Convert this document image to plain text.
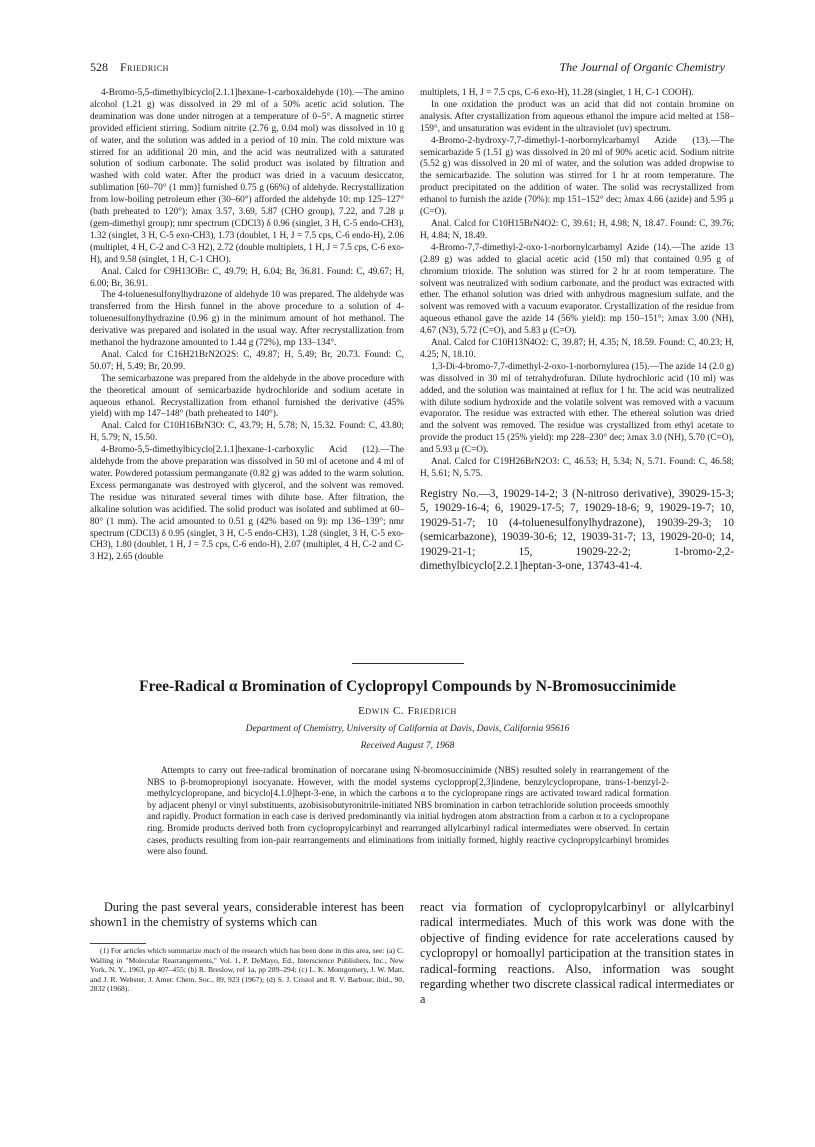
528 Friedrich	The Journal of Organic Chemistry

4-Bromo-5,5-dimethylbicyclo[2.1.1]hexane-1-carboxaldehyde (10).—The amino alcohol (1.21 g) was dissolved in 29 ml of a 50% acetic acid solution. The deamination was done under nitrogen at a temperature of 0–5°. A magnetic stirrer provided efficient stirring. Sodium nitrite (2.76 g, 0.04 mol) was dissolved in 10 g of water, and the solution was added in a period of 10 min. The cold mixture was stirred for an additional 20 min, and the acid was neutralized with a saturated solution of sodium carbonate. The solid product was isolated by filtration and washed with cold water. After the product was dried in a vacuum desiccator, sublimation [60–70° (1 mm)] furnished 0.75 g (66%) of aldehyde. Recrystallization from low-boiling petroleum ether (30–60°) afforded the aldehyde 10: mp 125–127° (bath preheated to 120°); λmax 3.57, 3.69, 5.87 (CHO group), 7.22, and 7.28 μ (gem-dimethyl group); nmr spectrum (CDCl3) δ 0.96 (singlet, 3 H, C-5 endo-CH3), 1.32 (singlet, 3 H, C-5 exo-CH3), 1.73 (doublet, 1 H, J = 7.5 cps, C-6 endo-H), 2.06 (multiplet, 4 H, C-2 and C-3 H2), 2.72 (double multiplets, 1 H, J = 7.5 cps, C-6 exo-H), and 9.58 (singlet, 1 H, C-1 CHO).

Anal. Calcd for C9H13OBr: C, 49.79; H, 6.04; Br, 36.81. Found: C, 49.67; H, 6.00; Br, 36.91.

The 4-toluenesulfonylhydrazone of aldehyde 10 was prepared. The aldehyde was transferred from the Hirsh funnel in the above procedure to a solution of 4-toluenesulfonylhydrazine (0.96 g) in the minimum amount of hot methanol. The derivative was prepared and isolated in the usual way. After recrystallization from methanol the hydrazone amounted to 1.44 g (72%), mp 133–134°.

Anal. Calcd for C16H21BrN2O2S: C, 49.87; H, 5.49; Br, 20.73. Found: C, 50.07; H, 5.49; Br, 20.99.

The semicarbazone was prepared from the aldehyde in the above procedure with the theoretical amount of semicarbazide hydrochloride and sodium acetate in aqueous ethanol. Recrystallization from ethanol furnished the derivative (45% yield) with mp 147–148° (bath preheated to 140°).

Anal. Calcd for C10H16BrN3O: C, 43.79; H, 5.78; N, 15.32. Found: C, 43.80; H, 5.79; N, 15.50.

4-Bromo-5,5-dimethylbicyclo[2.1.1]hexane-1-carboxylic Acid (12).—The aldehyde from the above preparation was dissolved in 50 ml of acetone and 4 ml of water. Powdered potassium permanganate (0.82 g) was added to the warm solution. Excess permanganate was destroyed with glycerol, and the solvent was removed. The residue was triturated several times with dilute base. After filtration, the alkaline solution was acidified. The solid product was isolated and sublimed at 60–80° (1 mm). The acid amounted to 0.51 g (42% based on 9): mp 136–139°; nmr spectrum (CDCl3) δ 0.95 (singlet, 3 H, C-5 endo-CH3), 1.28 (singlet, 3 H, C-5 exo-CH3), 1.80 (doublet, 1 H, J = 7.5 cps, C-6 endo-H), 2.07 (multiplet, 4 H, C-2 and C-3 H2), 2.65 (double

multiplets, 1 H, J = 7.5 cps, C-6 exo-H), 11.28 (singlet, 1 H, C-1 COOH).

In one oxidation the product was an acid that did not contain bromine on analysis. After crystallization from aqueous ethanol the impure acid melted at 158–159°, and unsaturation was evident in the ultraviolet (uv) spectrum.

4-Bromo-2-hydroxy-7,7-dimethyl-1-norbornylcarbamyl Azide (13).—The semicarbazide 5 (1.51 g) was dissolved in 20 ml of 90% acetic acid. Sodium nitrite (5.52 g) was dissolved in 20 ml of water, and the solution was added dropwise to the semicarbazide. The solution was stirred for 1 hr at room temperature. The product precipitated on the addition of water. The solid was recrystallized from ethanol to furnish the azide (70%): mp 151–152° dec; λmax 4.66 (azide) and 5.95 μ (C=O).

Anal. Calcd for C10H15BrN4O2: C, 39.61; H, 4.98; N, 18.47. Found: C, 39.76; H, 4.84; N, 18.49.

4-Bromo-7,7-dimethyl-2-oxo-1-norbornylcarbamyl Azide (14).—The azide 13 (2.89 g) was added to glacial acetic acid (150 ml) that contained 0.95 g of chromium trioxide. The solution was stirred for 2 hr at room temperature. The solvent was neutralized with sodium carbonate, and the product was extracted with ether. The ethanol solution was dried with anhydrous magnesium sulfate, and the solvent was removed with a vacuum evaporator. Crystallization of the residue from aqueous ethanol gave the azide 14 (56% yield): mp 150–151°; λmax 3.00 (NH), 4.67 (N3), 5.72 (C=O), and 5.83 μ (C=O).

Anal. Calcd for C10H13N4O2: C, 39.87; H, 4.35; N, 18.59. Found: C, 40.23; H, 4.25; N, 18.10.

1,3-Di-4-bromo-7,7-dimethyl-2-oxo-1-norbornylurea (15).—The azide 14 (2.0 g) was dissolved in 30 ml of tetrahydrofuran. Dilute hydrochloric acid (10 ml) was added, and the solution was maintained at reflux for 1 hr. The acid was neutralized with dilute sodium hydroxide and the volatile solvent was removed with a vacuum evaporator. The residue was extracted with ether. The ethereal solution was dried and the solvent was removed. The residue was crystallized from ethyl acetate to provide the product 15 (25% yield): mp 228–230° dec; λmax 3.0 (NH), 5.70 (C=O), and 5.93 μ (C=O).

Anal. Calcd for C19H26BrN2O3: C, 46.53; H, 5.34; N, 5.71. Found: C, 46.58; H, 5.61; N, 5.75.

Registry No.—3, 19029-14-2; 3 (N-nitroso derivative), 39029-15-3; 5, 19029-16-4; 6, 19029-17-5; 7, 19029-18-6; 9, 19029-19-7; 10, 19029-51-7; 10 (4-toluenesulfonylhydrazone), 19039-29-3; 10 (semicarbazone), 19039-30-6; 12, 19039-31-7; 13, 19029-20-0; 14, 19029-21-1; 15, 19029-22-2; 1-bromo-2,2-dimethylbicyclo[2.2.1]heptan-3-one, 13743-41-4.

Free-Radical α Bromination of Cyclopropyl Compounds by N-Bromosuccinimide
Edwin C. Friedrich
Department of Chemistry, University of California at Davis, Davis, California 95616
Received August 7, 1968
Attempts to carry out free-radical bromination of norcarane using N-bromosuccinimide (NBS) resulted solely in rearrangement of the NBS to β-bromopropionyl isocyanate. However, with the model systems cyclopprop[2,3]indene, benzylcyclopropane, trans-1-benzyl-2-methylcyclopropane, and bicyclo[4.1.0]hept-3-ene, in which the carbons α to the cyclopropane rings are activated toward radical formation by adjacent phenyl or vinyl substituents, azobisisobutyronitrile-initiated NBS bromination in carbon tetrachloride solution proceeds smoothly and rapidly. Product formation in each case is derived predominantly via initial hydrogen atom abstraction from a carbon α to a cyclopropane ring. Bromide products derived both from cyclopropylcarbinyl and rearranged allylcarbinyl radical intermediates were observed. In certain cases, products resulting from ion-pair rearrangements and eliminations from initially formed, highly reactive cyclopropylcarbinyl bromides were also found.

During the past several years, considerable interest has been shown1 in the chemistry of systems which can

(1) For articles which summarize much of the research which has been done in this area, see: (a) C. Walling in "Molecular Rearrangements," Vol. 1, P. DeMayo, Ed., Interscience Publishers, Inc., New York, N. Y., 1963, pp 407–455; (b) R. Breslow, ref 1a, pp 289–294; (c) L. K. Montgomery, J. W. Matt, and J. R. Webster, J. Amer. Chem. Soc., 89, 923 (1967); (d) S. J. Cristol and R. V. Barbour, ibid., 90, 2832 (1968).

react via formation of cyclopropylcarbinyl or allylcarbinyl radical intermediates. Much of this work was done with the objective of finding evidence for rate accelerations caused by cyclopropyl or homoallyl participation at the transition states in radical-forming reactions. Also, information was sought regarding whether two discrete classical radical intermediates or a
